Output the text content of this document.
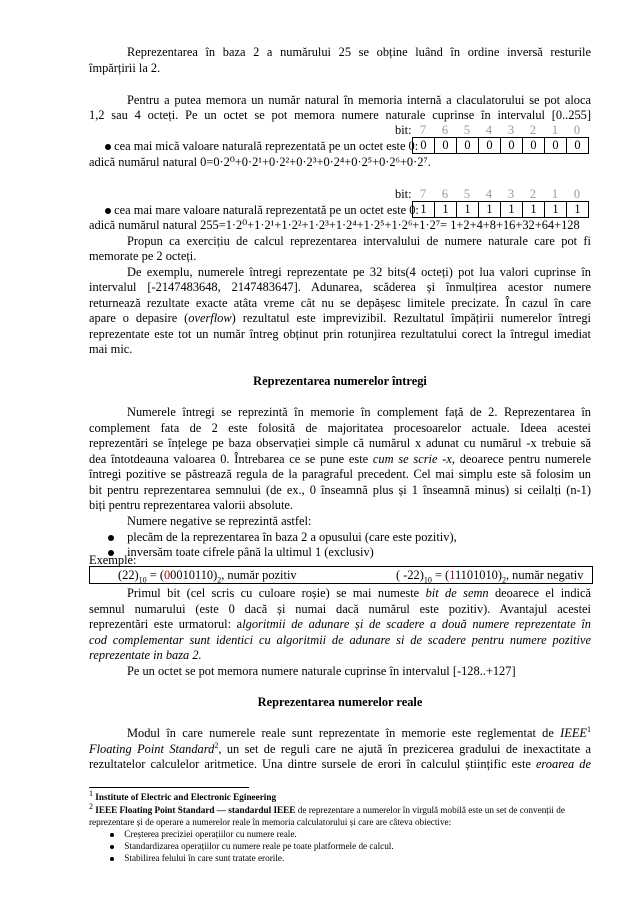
Reprezentarea în baza 2 a numărului 25 se obține luând în ordine inversă resturile
împărțirii la 2.
Pentru a putea memora un număr natural în memoria internă a claculatorului se pot aloca
1,2 sau 4 octeți. Pe un octet se pot memora numere naturale cuprinse în intervalul [0..255]
bit: 7	6	5	4	3	2	1	0
cea mai mică valoare naturală reprezentată pe un octet este 0: 0	0	0	0	0	0	0	0
adică numărul natural 0=0·2⁰+0·2¹+0·2²+0·2³+0·2⁴+0·2⁵+0·2⁶+0·2⁷.
bit: 7	6	5	4	3	2	1	0
cea mai mare valoare naturală reprezentată pe un octet este 0: 1	1	1	1	1	1	1	1
adică numărul natural 255=1·2⁰+1·2¹+1·2²+1·2³+1·2⁴+1·2⁵+1·2⁶+1·2⁷= 1+2+4+8+16+32+64+128
Propun ca exercițiu de calcul reprezentarea intervalului de numere naturale care pot fi
memorate pe 2 octeți.
De exemplu, numerele întregi reprezentate pe 32 bits(4 octeți) pot lua valori cuprinse în
intervalul [-2147483648, 2147483647]. Adunarea, scăderea și înmulțirea acestor numere
returnează rezultate exacte atâta vreme cât nu se depășesc limitele precizate. În cazul în care
apare o depasire (overflow) rezultatul este imprevizibil. Rezultatul împățirii numerelor întregi
reprezentate este tot un număr întreg obținut prin rotunjirea rezultatului corect la întregul imediat
mai mic.
Reprezentarea numerelor întregi
Numerele întregi se reprezintă în memorie în complement față de 2. Reprezentarea în
complement fata de 2 este folosită de majoritatea procesoarelor actuale. Ideea acestei
reprezentări se înțelege pe baza observației simple că numărul x adunat cu numărul -x trebuie să
dea întotdeauna valoarea 0. Întrebarea ce se pune este cum se scrie -x, deoarece pentru numerele
întregi pozitive se păstrează regula de la paragraful precedent. Cel mai simplu este să folosim un
bit pentru reprezentarea semnului (de ex., 0 înseamnă plus și 1 înseamnă minus) si ceilalți (n-1)
biți pentru reprezentarea valorii absolute.
Numere negative se reprezintă astfel:
plecăm de la reprezentarea în baza 2 a opusului (care este pozitiv),
inversăm toate cifrele până la ultimul 1 (exclusiv)
Exemple:
$(22)_{10} = (00010110)_2$, număr pozitiv	( $-22)_{10} = (11101010)_2$, număr negativ
Primul bit (cel scris cu culoare roșie) se mai numeste bit de semn deoarece el indică
semnul numarului (este 0 dacă și numai dacă numărul este pozitiv). Avantajul acestei
reprezentări este urmatorul: algoritmii de adunare și de scadere a două numere reprezentate în
cod complementar sunt identici cu algoritmii de adunare si de scadere pentru numere pozitive
reprezentate in baza 2.
Pe un octet se pot memora numere naturale cuprinse în intervalul [-128..+127]
Reprezentarea numerelor reale
Modul în care numerele reale sunt reprezentate în memorie este reglementat de IEEE$^1$
Floating Point Standard$^2$, un set de reguli care ne ajută în prezicerea gradului de inexactitate a
rezultatelor calculelor aritmetice. Una dintre sursele de erori în calculul științific este eroarea de
$^1$ Institute of Electric and Electronic Egineering
$^2$ IEEE Floating Point Standard — standardul IEEE de reprezentare a numerelor în virgulă mobilă este un set de convenții de
reprezentare și de operare a numerelor reale în memoria calculatorului și care are câteva obiective:
Creșterea preciziei operațiilor cu numere reale.
Standardizarea operațiilor cu numere reale pe toate platformele de calcul.
Stabilirea felului în care sunt tratate erorile.
